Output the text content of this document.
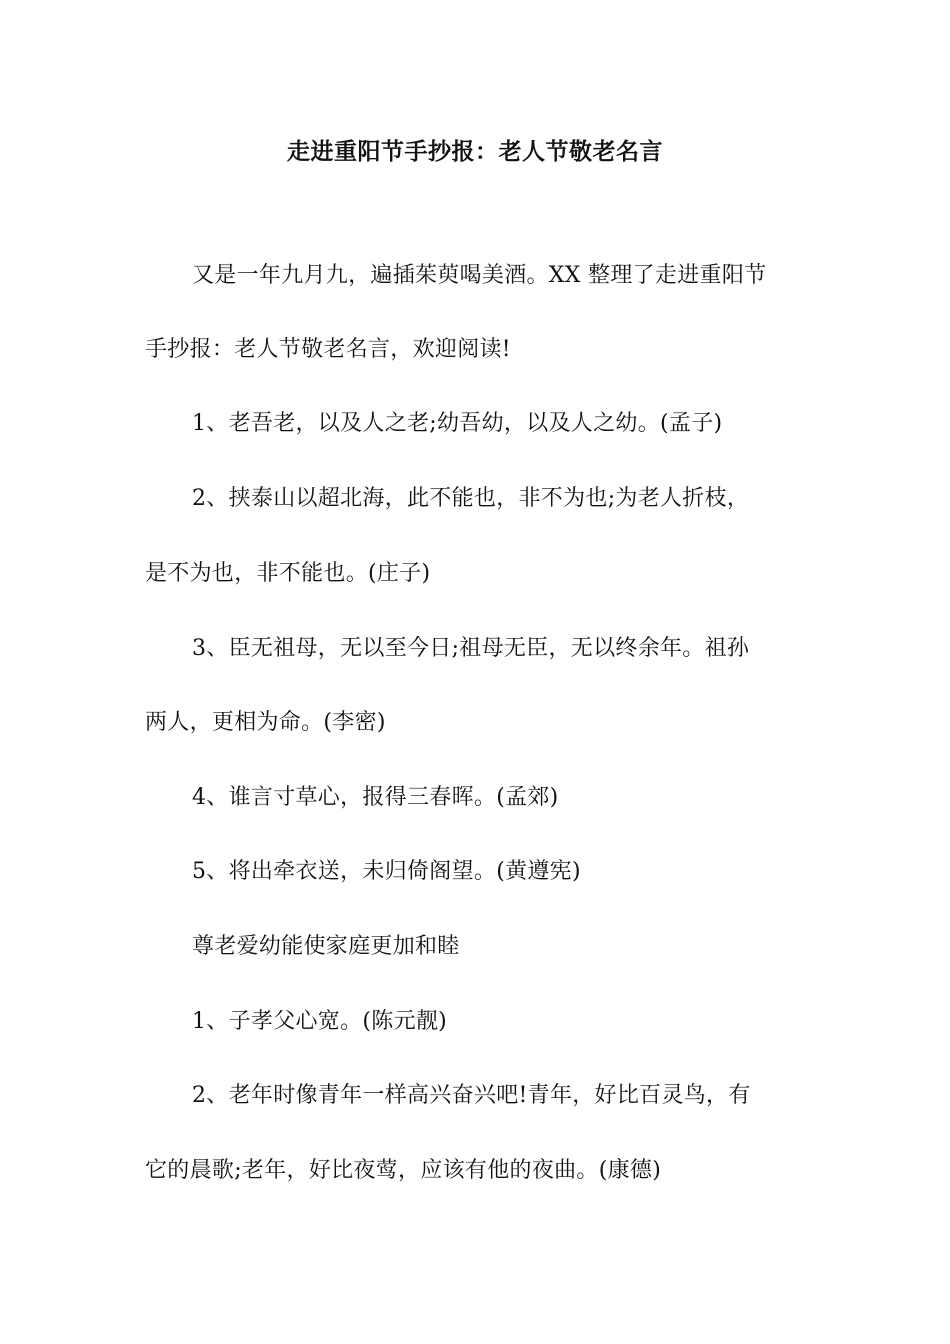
走进重阳节手抄报：老人节敬老名言
又是一年九月九，遍插茱萸喝美酒。XX 整理了走进重阳节
手抄报：老人节敬老名言，欢迎阅读!
1、老吾老，以及人之老;幼吾幼，以及人之幼。(孟子)
2、挟泰山以超北海，此不能也，非不为也;为老人折枝，
是不为也，非不能也。(庄子)
3、臣无祖母，无以至今日;祖母无臣，无以终余年。祖孙
两人，更相为命。(李密)
4、谁言寸草心，报得三春晖。(孟郊)
5、将出牵衣送，未归倚阁望。(黄遵宪)
尊老爱幼能使家庭更加和睦
1、子孝父心宽。(陈元靓)
2、老年时像青年一样高兴奋兴吧!青年，好比百灵鸟，有
它的晨歌;老年，好比夜莺，应该有他的夜曲。(康德)
